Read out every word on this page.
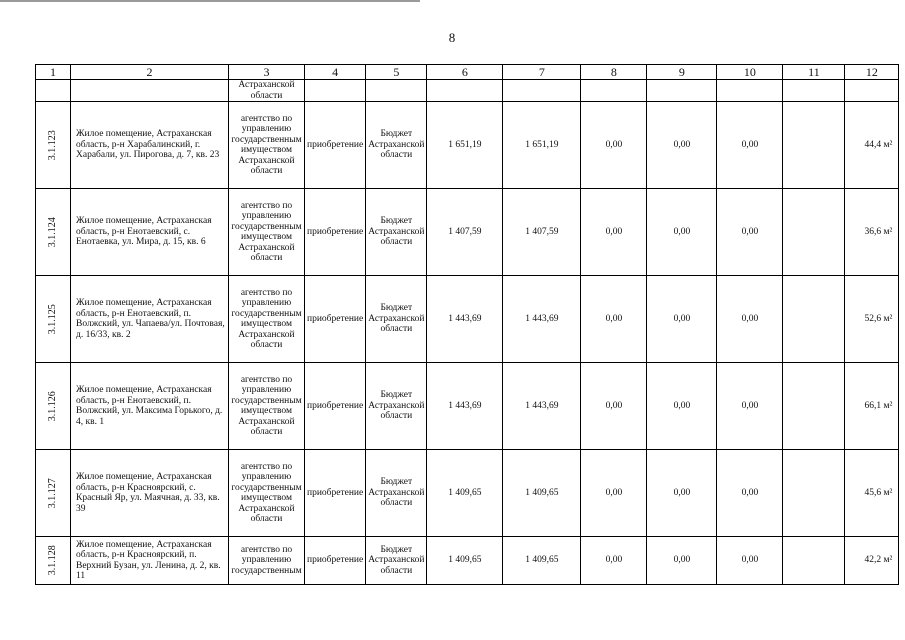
8
1	2	3	4	5	6	7	8	9	10	11	12
		Астраханской области									

3.1.123	Жилое помещение, Астраханская область, р-н Харабалинский, г. Харабали, ул. Пирогова, д. 7, кв. 23	агентство по управлению государственным имуществом Астраханской области	приобретение	Бюджет Астраханской области	1 651,19	1 651,19	0,00	0,00	0,00		44,4 м²

3.1.124	Жилое помещение, Астраханская область, р-н Енотаевский, с. Енотаевка, ул. Мира, д. 15, кв. 6	агентство по управлению государственным имуществом Астраханской области	приобретение	Бюджет Астраханской области	1 407,59	1 407,59	0,00	0,00	0,00		36,6 м²

3.1.125	Жилое помещение, Астраханская область, р-н Енотаевский, п. Волжский, ул. Чапаева/ул. Почтовая, д. 16/33, кв. 2	агентство по управлению государственным имуществом Астраханской области	приобретение	Бюджет Астраханской области	1 443,69	1 443,69	0,00	0,00	0,00		52,6 м²

3.1.126	Жилое помещение, Астраханская область, р-н Енотаевский, п. Волжский, ул. Максима Горького, д. 4, кв. 1	агентство по управлению государственным имуществом Астраханской области	приобретение	Бюджет Астраханской области	1 443,69	1 443,69	0,00	0,00	0,00		66,1 м²

3.1.127	Жилое помещение, Астраханская область, р-н Красноярский, с. Красный Яр, ул. Маячная, д. 33, кв. 39	агентство по управлению государственным имуществом Астраханской области	приобретение	Бюджет Астраханской области	1 409,65	1 409,65	0,00	0,00	0,00		45,6 м²

3.1.128	Жилое помещение, Астраханская область, р-н Красноярский, п. Верхний Бузан, ул. Ленина, д. 2, кв. 11	агентство по управлению государственным	приобретение	Бюджет Астраханской области	1 409,65	1 409,65	0,00	0,00	0,00		42,2 м²
